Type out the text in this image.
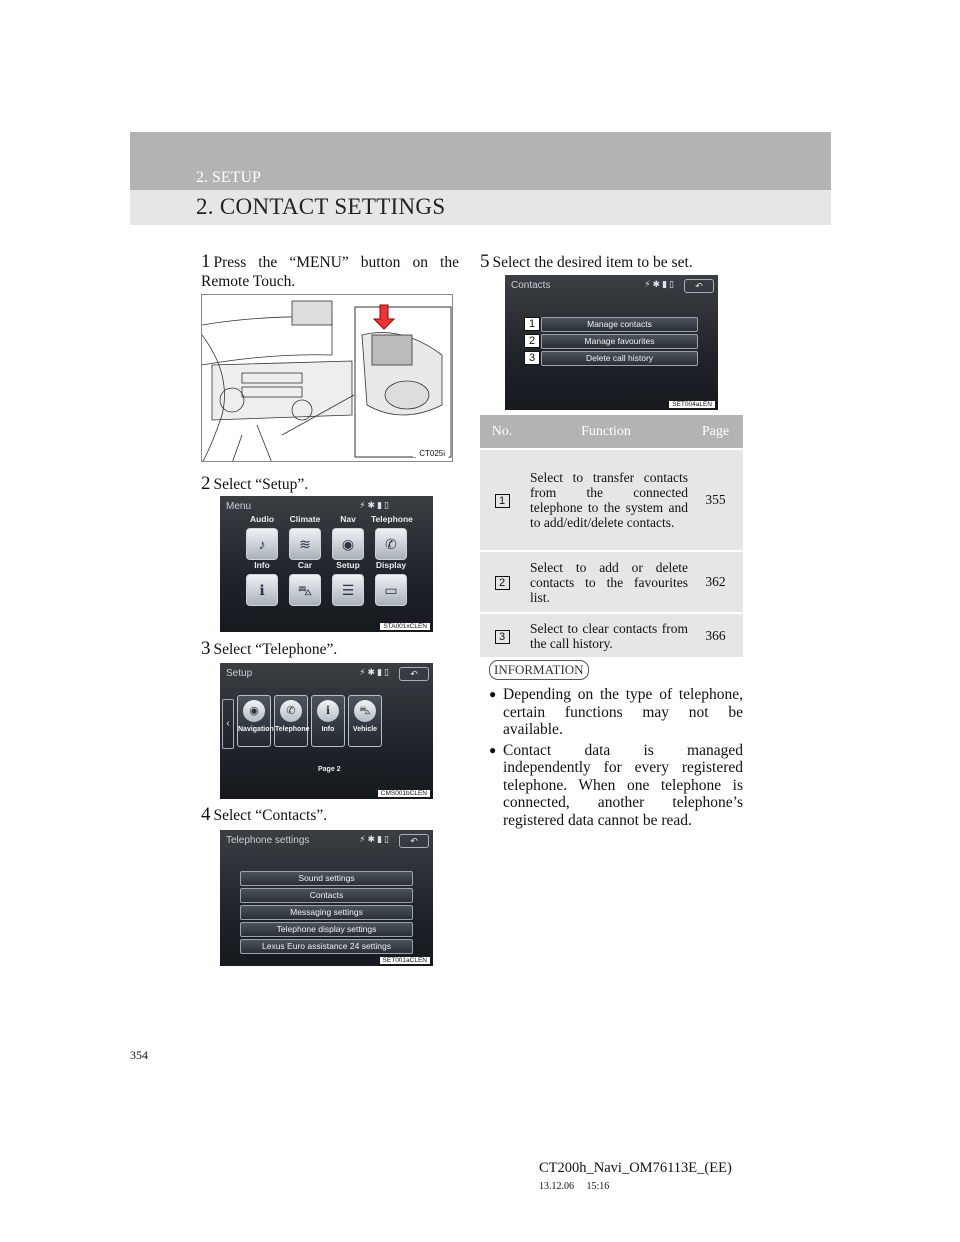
2. SETUP
2. CONTACT SETTINGS
1 Press the “MENU” button on the Remote Touch.
CT025i
2 Select “Setup”.
Menu	⚡✱▮▯
Audio
♪
Climate
≋
Nav
◉
Telephone
✆
Info
ℹ
Car
⛍
Setup
☰
Display
▭
STA001xCLEN
3 Select “Telephone”.
Setup	⚡✱▮▯	↶
‹
◉
Navigation
✆
Telephone
ℹ
Info
⛍
Vehicle
Page 2
CMS001bCLEN
4 Select “Contacts”.
Telephone settings	⚡✱▮▯	↶
Sound settings
Contacts
Messaging settings
Telephone display settings
Lexus Euro assistance 24 settings
SET001aCLEN
5 Select the desired item to be set.
Contacts	⚡✱▮▯	↶
Manage contacts
Manage favourites
Delete call history
1
2
3
SET004aLEN
No.	Function	Page
1	Select to transfer contacts from the connected telephone to the system and to add/edit/delete contacts.	355
2	Select to add or delete contacts to the favourites list.	362
3	Select to clear contacts from the call history.	366
INFORMATION
● Depending on the type of telephone, certain functions may not be available.
● Contact data is managed independently for every registered telephone. When one telephone is connected, another telephone’s registered data cannot be read.
354
CT200h_Navi_OM76113E_(EE)
13.12.06     15:16
